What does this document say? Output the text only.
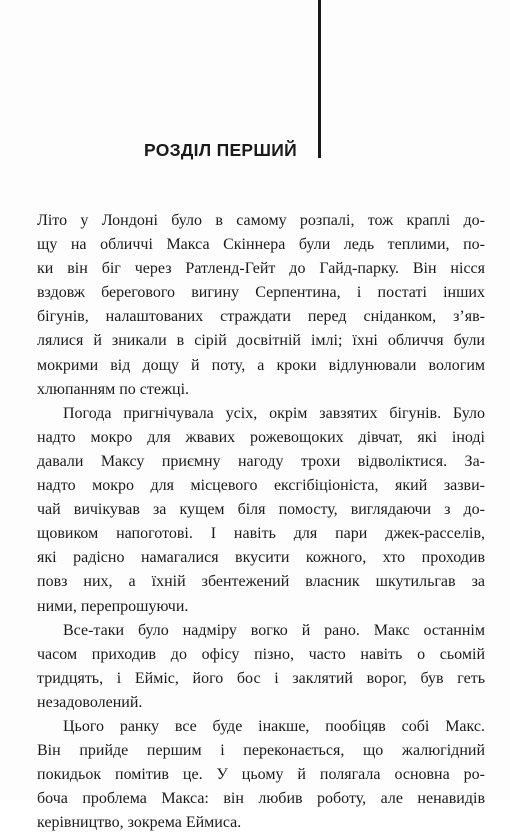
РОЗДІЛ ПЕРШИЙ
Літо у Лондоні було в самому розпалі, тож краплі до-
щу на обличчі Макса Скіннера були ледь теплими, по-
ки він біг через Ратленд-Гейт до Гайд-парку. Він нісся
вздовж берегового вигину Серпентина, і постаті інших
бігунів, налаштованих страждати перед сніданком, з’яв-
лялися й зникали в сірій досвітній імлі; їхні обличчя були
мокрими від дощу й поту, а кроки відлунювали вологим
хлюпанням по стежці.
Погода пригнічувала усіх, окрім завзятих бігунів. Було
надто мокро для жвавих рожевощоких дівчат, які іноді
давали Максу приємну нагоду трохи відволіктися. За-
надто мокро для місцевого ексгібіціоніста, який зазви-
чай вичікував за кущем біля помосту, виглядаючи з до-
щовиком напоготові. І навіть для пари джек-расселів,
які радісно намагалися вкусити кожного, хто проходив
повз них, а їхній збентежений власник шкутильгав за
ними, перепрошуючи.
Все-таки було надміру вогко й рано. Макс останнім
часом приходив до офісу пізно, часто навіть о сьомій
тридцять, і Ейміс, його бос і заклятий ворог, був геть
незадоволений.
Цього ранку все буде інакше, пообіцяв собі Макс.
Він прийде першим і переконається, що жалюгідний
покидьок помітив це. У цьому й полягала основна ро-
боча проблема Макса: він любив роботу, але ненавидів
керівництво, зокрема Еймиса.
